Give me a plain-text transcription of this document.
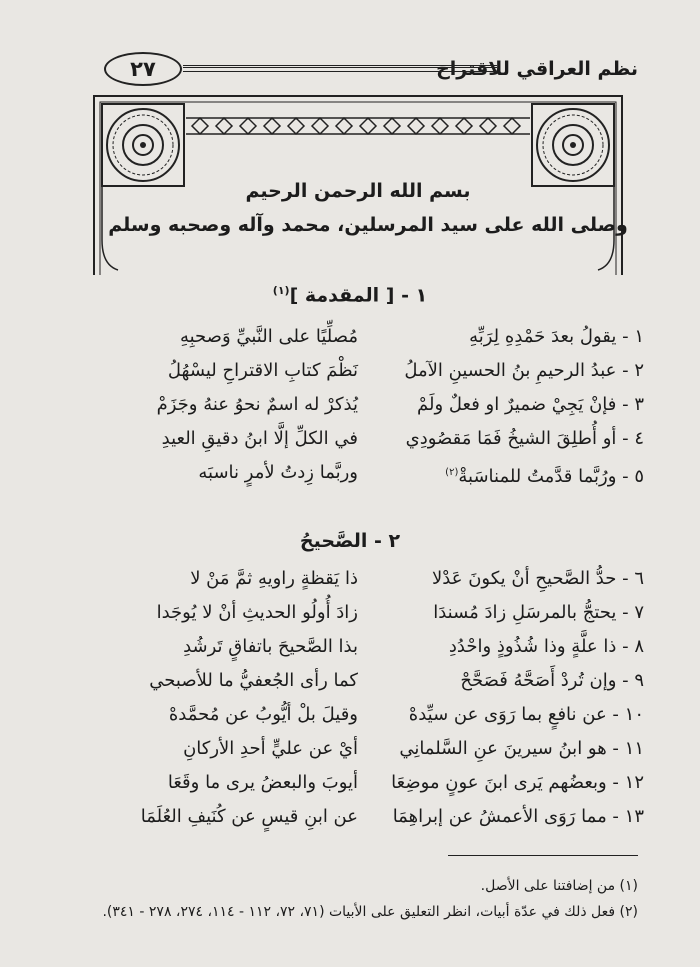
نظم العراقي للاقتراح
٢٧
بسم الله الرحمن الرحيم
وصلى الله على سيد المرسلين، محمد وآله وصحبه وسلم
١ - [ المقدمة ]$^{(١)}$
١ - يقولُ بعدَ حَمْدِهِ لِرَبِّهِ
مُصلِّيًا على النَّبيِّ وَصحبِهِ
٢ - عبدُ الرحيمِ بنُ الحسينِ الآملُ
نَظْمَ كتابِ الاقتراحِ ليسْهُلُ
٣ - فإنْ يَجِيْ ضميرٌ او فعلٌ ولَمْ
يُذكرْ له اسمٌ نحوُ عنهُ وجَزَمْ
٤ - أو أُطلِقَ الشيخُ فَمَا مَقصُودِي
في الكلِّ إلَّا ابنُ دقيقِ العيدِ
٥ - ورُبَّما قدَّمتُ للمناسَبةْ$^{(٢)}$
وربَّما زِدتُ لأمرٍ ناسبَه
٢ - الصَّحيحُ
٦ - حدُّ الصَّحيحِ أنْ يكونَ عَدْلا
ذا يَقظةٍ راويهِ ثمَّ مَنْ لا
٧ - يحتجُّ بالمرسَلِ زادَ مُسندَا
زادَ أُولُو الحديثِ أنْ لا يُوجَدا
٨ - ذا علَّةٍ وذا شُذُوذٍ واحْدُدِ
بذا الصَّحيحَ باتفاقٍ تَرشُدِ
٩ - وإن تُردْ أَصَحَّهُ فَصَحَّحْ
كما رأى الجُعفيُّ ما للأصبحي
١٠ - عن نافعٍ بما رَوَى عن سيِّدهْ
وقيلَ بلْ أيُّوبُ عن مُحمَّدهْ
١١ - هو ابنُ سيرينَ عنِ السَّلمانِي
أيْ عن عليٍّ أحدِ الأركانِ
١٢ - وبعضُهم يَرى ابنَ عونٍ موضِعَا
أيوبَ والبعضُ يرى ما وقَعَا
١٣ - مما رَوَى الأعمشُ عن إبراهِمَا
عن ابنِ قيسٍ عن كُنَيفِ العُلَمَا
(١) من إضافتنا على الأصل.
(٢) فعل ذلك في عدّة أبيات، انظر التعليق على الأبيات (٧١، ٧٢، ١١٢ - ١١٤، ٢٧٤، ٢٧٨ - ٣٤١).
